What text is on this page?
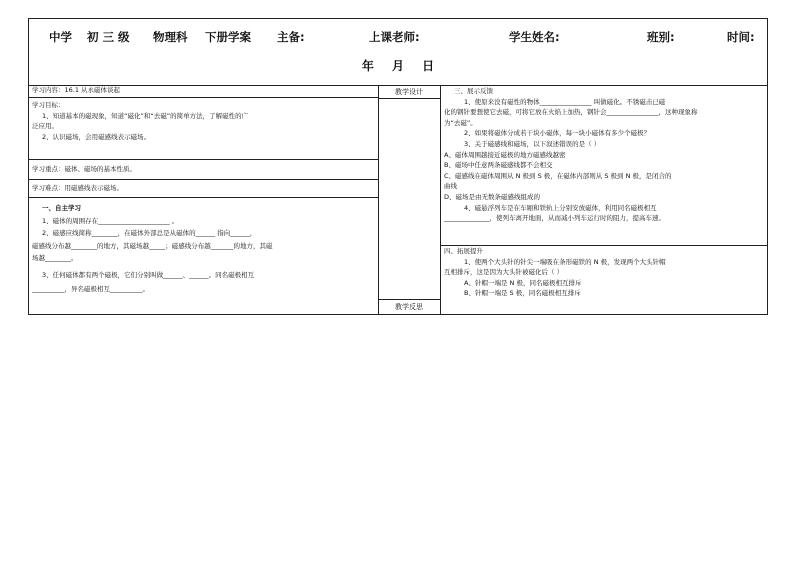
中学 初 三 级 物理科 下册学案 主备:	上课老师:	学生姓名:	班别:	时间:
年 月 日
学习内容：16.1 从永磁体谈起
学习目标：
1、知道基本的磁现象，知道“磁化”和“去磁”的简单方法，了解磁性的广
泛应用。
2、认识磁场，会用磁感线表示磁场。
学习重点：磁体、磁场的基本性质。
学习难点：用磁感线表示磁场。
一、自主学习
1、磁体的周围存在______________________ 。
2、磁感应线简称________，在磁体外部总是从磁体的______ 指向______，
磁感线分布越________的地方，其磁场越_____；磁感线分布越_______的地方，其磁
场越________。
3、任何磁体都有两个磁极，它们分别叫做______、______。同名磁极相互
__________，异名磁极相互__________。
教学设计
教学反思
三、展示反馈
1、使原来没有磁性的物体________________ 叫做磁化。不锈磁击已磁
化的钢针要想使它去磁，可将它放在火焰上加热，钢针会________________，这种现象称
为“去磁”。
2、如果将磁体分成若干块小磁体，每一块小磁体有多少个磁极？
3、关于磁感线和磁场，以下叙述错误的是（ ）
A、磁体周围越接近磁极的地方磁感线越密
B、磁场中任意两条磁感线都不会相交
C、磁感线在磁体周围从 N 极到 S 极，在磁体内部则从 S 极到 N 极，是闭合的
曲线
D、磁场是由无数条磁感线组成的
4、磁悬浮列车是在车厢和铁轨上分别安放磁体，利用同名磁极相互
______________，使列车离开地面，从而减小列车运行时的阻力，提高车速。
四、拓展提升
1、使两个大头针的针尖一端吸在条形磁铁的 N 极，发现两个大头针帽
互相排斥，这是因为大头针被磁化后（ ）
A、针帽一端是 N 极，同名磁极相互排斥
B、针帽一端是 S 极，同名磁极相互排斥
